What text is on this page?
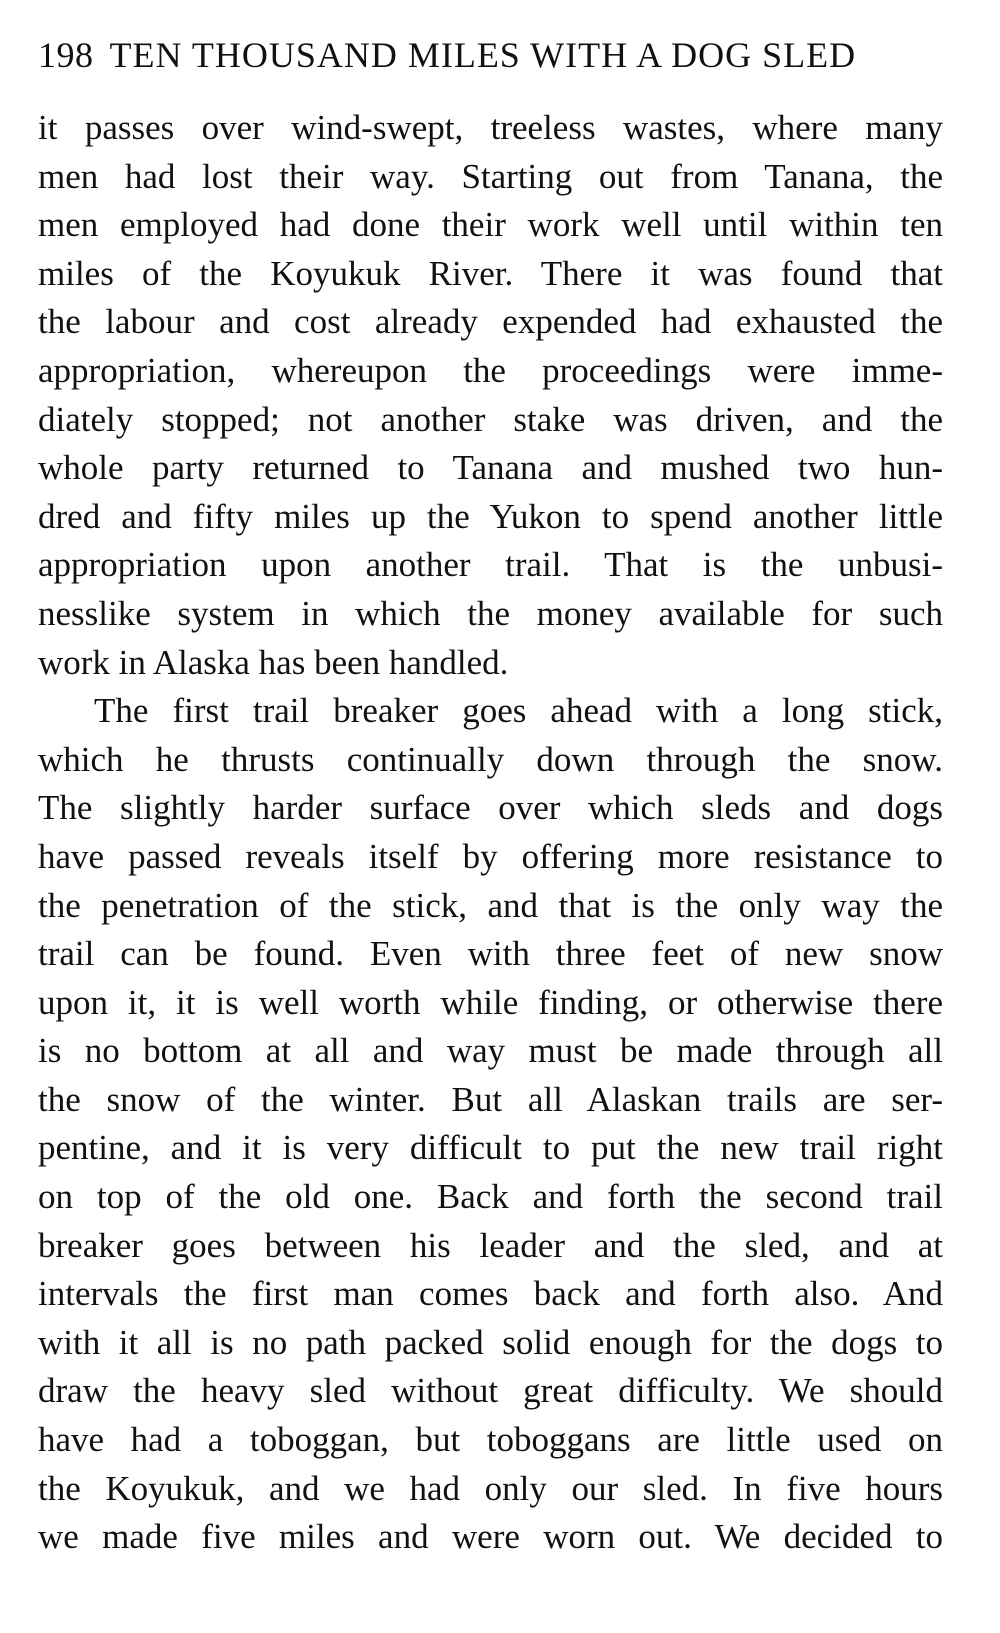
198 TEN THOUSAND MILES WITH A DOG SLED
it passes over wind-swept, treeless wastes, where many
men had lost their way. Starting out from Tanana, the
men employed had done their work well until within ten
miles of the Koyukuk River. There it was found that
the labour and cost already expended had exhausted the
appropriation, whereupon the proceedings were imme-
diately stopped; not another stake was driven, and the
whole party returned to Tanana and mushed two hun-
dred and fifty miles up the Yukon to spend another little
appropriation upon another trail. That is the unbusi-
nesslike system in which the money available for such
work in Alaska has been handled.
The first trail breaker goes ahead with a long stick,
which he thrusts continually down through the snow.
The slightly harder surface over which sleds and dogs
have passed reveals itself by offering more resistance to
the penetration of the stick, and that is the only way the
trail can be found. Even with three feet of new snow
upon it, it is well worth while finding, or otherwise there
is no bottom at all and way must be made through all
the snow of the winter. But all Alaskan trails are ser-
pentine, and it is very difficult to put the new trail right
on top of the old one. Back and forth the second trail
breaker goes between his leader and the sled, and at
intervals the first man comes back and forth also. And
with it all is no path packed solid enough for the dogs to
draw the heavy sled without great difficulty. We should
have had a toboggan, but toboggans are little used on
the Koyukuk, and we had only our sled. In five hours
we made five miles and were worn out. We decided to
